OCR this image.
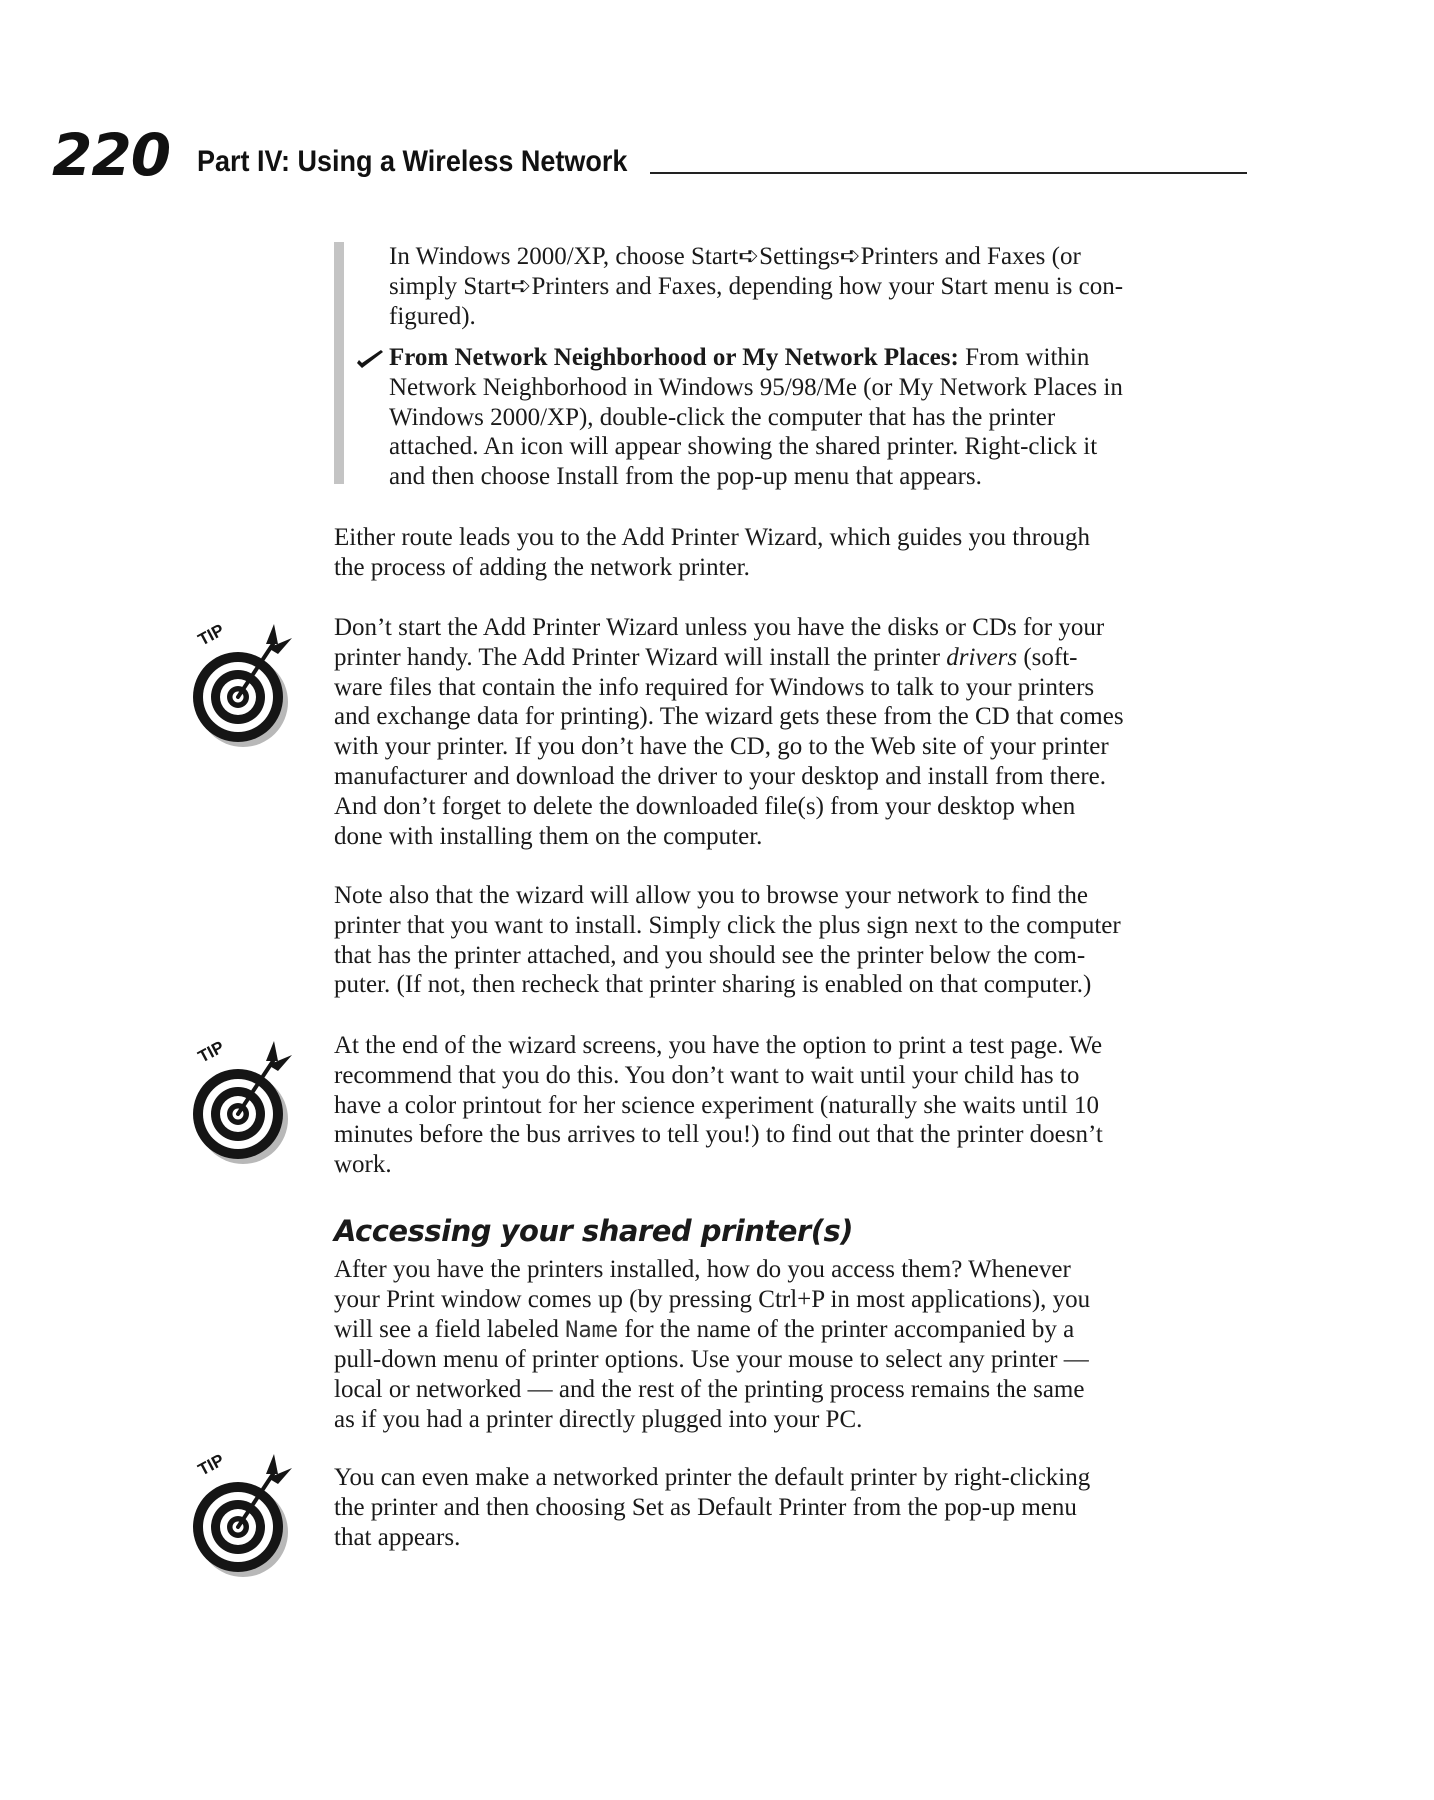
220 Part IV: Using a Wireless Network

In Windows 2000/XP, choose Start➪Settings➪Printers and Faxes (or

simply Start➪Printers and Faxes, depending how your Start menu is con-

figured).

From Network Neighborhood or My Network Places: From within

Network Neighborhood in Windows 95/98/Me (or My Network Places in

Windows 2000/XP), double-click the computer that has the printer

attached. An icon will appear showing the shared printer. Right-click it

and then choose Install from the pop-up menu that appears.

Either route leads you to the Add Printer Wizard, which guides you through

the process of adding the network printer.

TIP	Don’t start the Add Printer Wizard unless you have the disks or CDs for your

printer handy. The Add Printer Wizard will install the printer drivers (soft-

ware files that contain the info required for Windows to talk to your printers

and exchange data for printing). The wizard gets these from the CD that comes

with your printer. If you don’t have the CD, go to the Web site of your printer

manufacturer and download the driver to your desktop and install from there.

And don’t forget to delete the downloaded file(s) from your desktop when

done with installing them on the computer.

Note also that the wizard will allow you to browse your network to find the

printer that you want to install. Simply click the plus sign next to the computer

that has the printer attached, and you should see the printer below the com-

puter. (If not, then recheck that printer sharing is enabled on that computer.)

TIP	At the end of the wizard screens, you have the option to print a test page. We

recommend that you do this. You don’t want to wait until your child has to

have a color printout for her science experiment (naturally she waits until 10

minutes before the bus arrives to tell you!) to find out that the printer doesn’t

work.

Accessing your shared printer(s)

After you have the printers installed, how do you access them? Whenever

your Print window comes up (by pressing Ctrl+P in most applications), you

will see a field labeled Name for the name of the printer accompanied by a

pull-down menu of printer options. Use your mouse to select any printer —

local or networked — and the rest of the printing process remains the same

as if you had a printer directly plugged into your PC.

TIP	You can even make a networked printer the default printer by right-clicking

the printer and then choosing Set as Default Printer from the pop-up menu

that appears.
